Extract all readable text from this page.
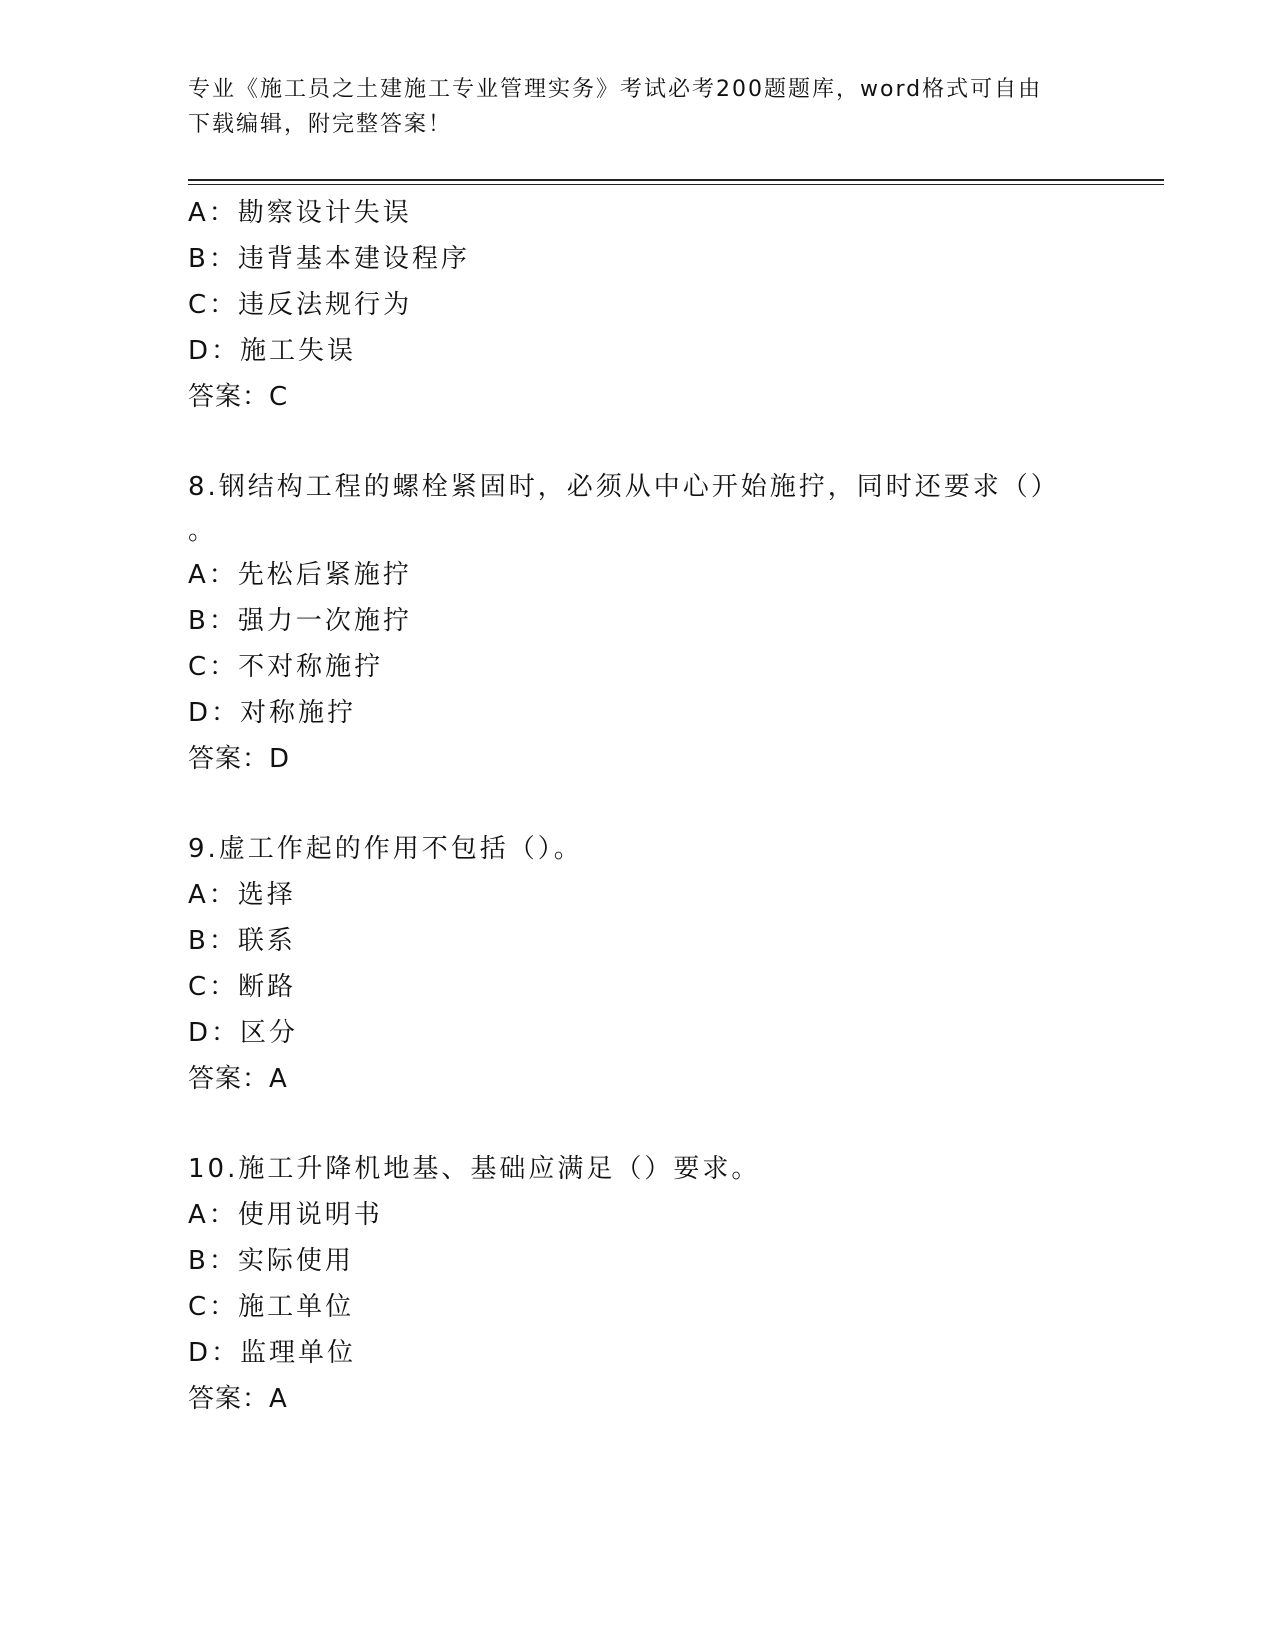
专业《施工员之土建施工专业管理实务》考试必考200题题库，word格式可自由
下载编辑，附完整答案！
A：勘察设计失误
B：违背基本建设程序
C：违反法规行为
D：施工失误
答案：C
8.钢结构工程的螺栓紧固时，必须从中心开始施拧，同时还要求（）
。
A：先松后紧施拧
B：强力一次施拧
C：不对称施拧
D：对称施拧
答案：D
9.虚工作起的作用不包括（）。
A：选择
B：联系
C：断路
D：区分
答案：A
10.施工升降机地基、基础应满足（）要求。
A：使用说明书
B：实际使用
C：施工单位
D：监理单位
答案：A
